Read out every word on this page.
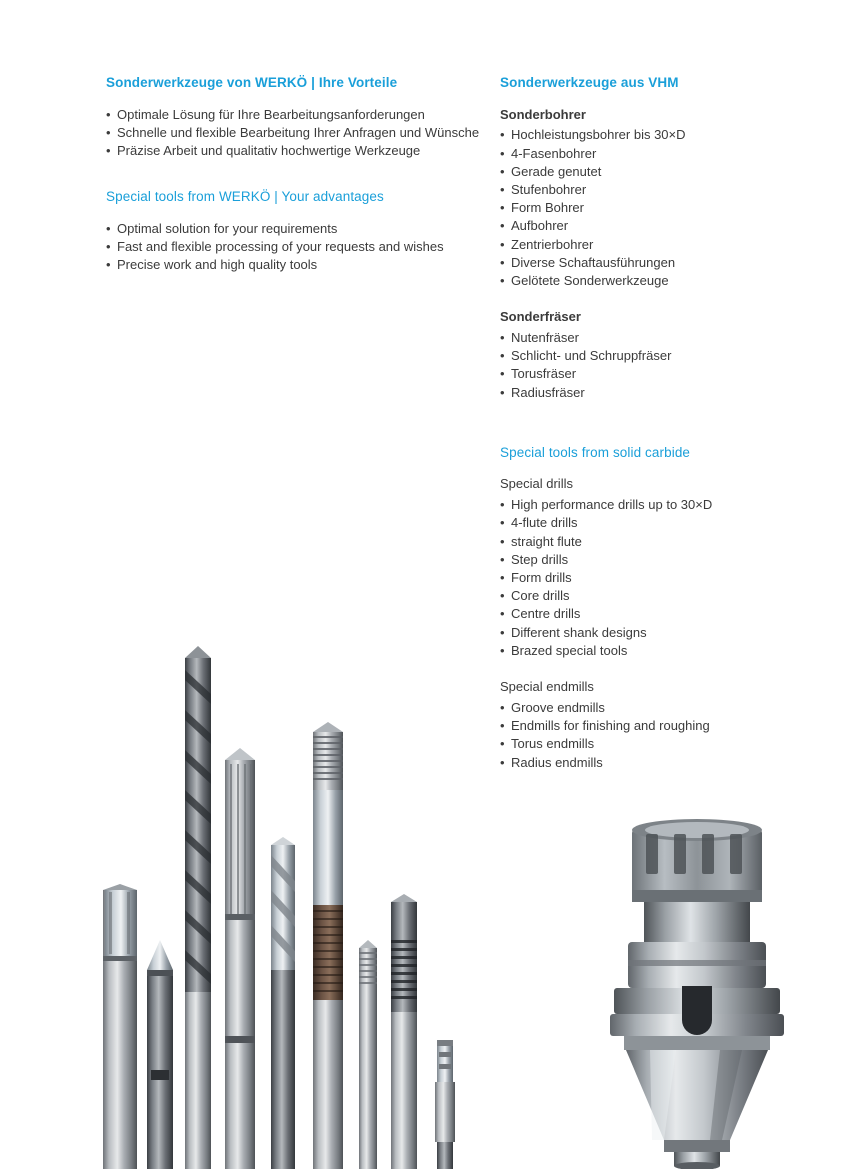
Sonderwerkzeuge von WERKÖ | Ihre Vorteile
• Optimale Lösung für Ihre Bearbeitungsanforderungen
• Schnelle und flexible Bearbeitung Ihrer Anfragen und Wünsche
• Präzise Arbeit und qualitativ hochwertige Werkzeuge
Special tools from WERKÖ | Your advantages
• Optimal solution for your requirements
• Fast and flexible processing of your requests and wishes
• Precise work and high quality tools
Sonderwerkzeuge aus VHM
Sonderbohrer
• Hochleistungsbohrer bis 30×D
• 4-Fasenbohrer
• Gerade genutet
• Stufenbohrer
• Form Bohrer
• Aufbohrer
• Zentrierbohrer
• Diverse Schaftausführungen
• Gelötete Sonderwerkzeuge
Sonderfräser
• Nutenfräser
• Schlicht- und Schruppfräser
• Torusfräser
• Radiusfräser
Special tools from solid carbide
Special drills
• High performance drills up to 30×D
• 4-flute drills
• straight flute
• Step drills
• Form drills
• Core drills
• Centre drills
• Different shank designs
• Brazed special tools
Special endmills
• Groove endmills
• Endmills for finishing and roughing
• Torus endmills
• Radius endmills
